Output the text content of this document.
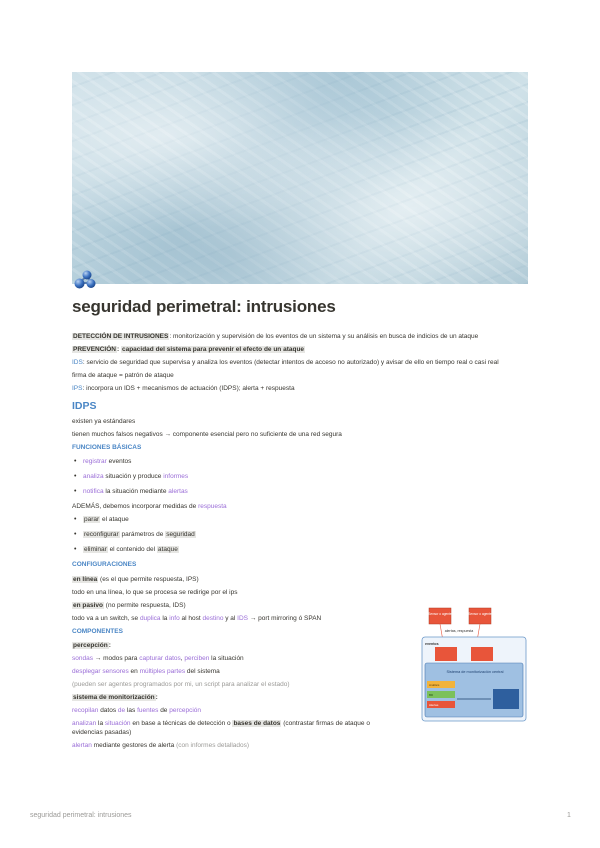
seguridad perimetral: intrusiones
DETECCIÓN DE INTRUSIONES: monitorización y supervisión de los eventos de un sistema y su análisis en busca de indicios de un ataque
PREVENCIÓN: capacidad del sistema para prevenir el efecto de un ataque
IDS: servicio de seguridad que supervisa y analiza los eventos (detectar intentos de acceso no autorizado) y avisar de ello en tiempo real o casi real
firma de ataque = patrón de ataque
IPS: incorpora un IDS + mecanismos de actuación (IDPS); alerta + respuesta
IDPS
existen ya estándares
tienen muchos falsos negativos → componente esencial pero no suficiente de una red segura
FUNCIONES BÁSICAS
• registrar eventos
• analiza situación y produce informes
• notifica la situación mediante alertas
ADEMÁS, debemos incorporar medidas de respuesta
• parar el ataque
• reconfigurar parámetros de seguridad
• eliminar el contenido del ataque
CONFIGURACIONES
en línea (es el que permite respuesta, IPS)
todo en una línea, lo que se procesa se redirige por el ips
en pasivo (no permite respuesta, IDS)
todo va a un switch, se duplica la info al host destino y al IDS → port mirroring ó SPAN
COMPONENTES
percepción:
sondas → modos para capturar datos, perciben la situación
desplegar sensores en múltiples partes del sistema
(pueden ser agentes programados por mi, un script para analizar el estado)
sistema de monitorización:
recopilan datos de las fuentes de percepción
analizan la situación en base a técnicas de detección o bases de datos (contrastar firmas de ataque o evidencias pasadas)
alertan mediante gestores de alerta (con informes detallados)
Sensor o agente	Sensor o agente
alertas, respuesta
eventos
Sistema de monitorización central
Análisis
BD
Alertas
seguridad perimetral: intrusiones	1
